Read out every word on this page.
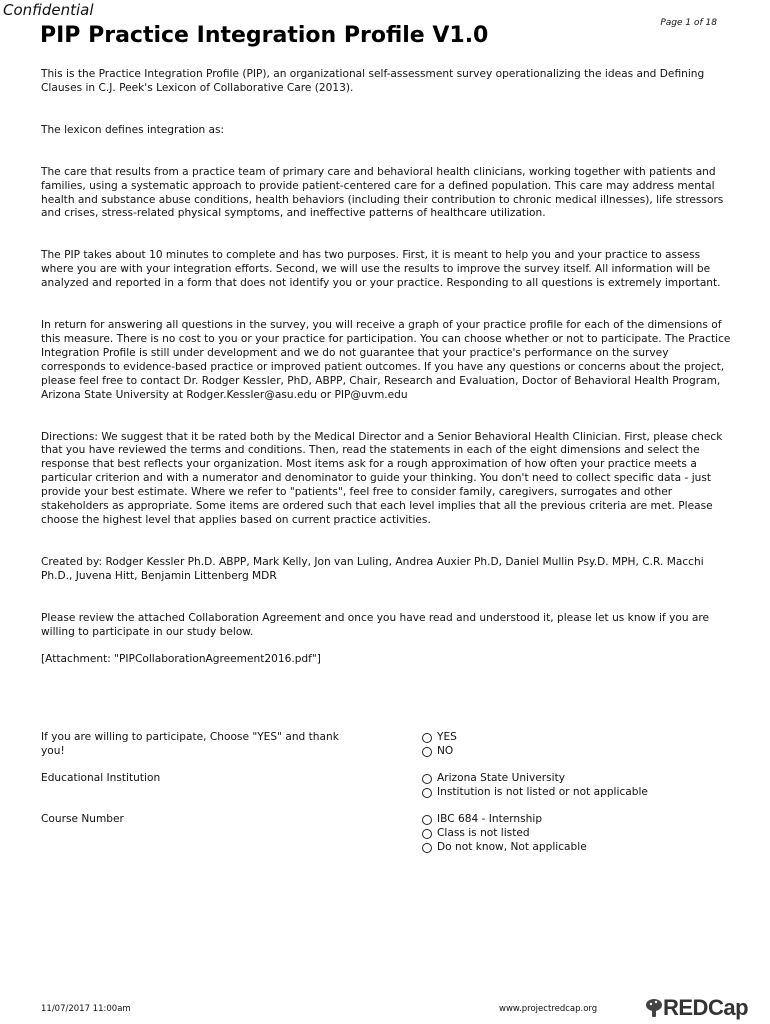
Confidential
Page 1 of 18
PIP Practice Integration Profile V1.0

This is the Practice Integration Profile (PIP), an organizational self-assessment survey operationalizing the ideas and Defining Clauses in C.J. Peek's Lexicon of Collaborative Care (2013).

The lexicon defines integration as:

The care that results from a practice team of primary care and behavioral health clinicians, working together with patients and families, using a systematic approach to provide patient-centered care for a defined population. This care may address mental health and substance abuse conditions, health behaviors (including their contribution to chronic medical illnesses), life stressors and crises, stress-related physical symptoms, and ineffective patterns of healthcare utilization.

The PIP takes about 10 minutes to complete and has two purposes. First, it is meant to help you and your practice to assess where you are with your integration efforts. Second, we will use the results to improve the survey itself. All information will be analyzed and reported in a form that does not identify you or your practice. Responding to all questions is extremely important.

In return for answering all questions in the survey, you will receive a graph of your practice profile for each of the dimensions of this measure. There is no cost to you or your practice for participation. You can choose whether or not to participate. The Practice Integration Profile is still under development and we do not guarantee that your practice's performance on the survey corresponds to evidence-based practice or improved patient outcomes. If you have any questions or concerns about the project, please feel free to contact Dr. Rodger Kessler, PhD, ABPP, Chair, Research and Evaluation, Doctor of Behavioral Health Program, Arizona State University at Rodger.Kessler@asu.edu or PIP@uvm.edu

Directions: We suggest that it be rated both by the Medical Director and a Senior Behavioral Health Clinician. First, please check that you have reviewed the terms and conditions. Then, read the statements in each of the eight dimensions and select the response that best reflects your organization. Most items ask for a rough approximation of how often your practice meets a particular criterion and with a numerator and denominator to guide your thinking. You don't need to collect specific data - just provide your best estimate. Where we refer to "patients", feel free to consider family, caregivers, surrogates and other stakeholders as appropriate. Some items are ordered such that each level implies that all the previous criteria are met. Please choose the highest level that applies based on current practice activities.

Created by: Rodger Kessler Ph.D. ABPP, Mark Kelly, Jon van Luling, Andrea Auxier Ph.D, Daniel Mullin Psy.D. MPH, C.R. Macchi Ph.D., Juvena Hitt, Benjamin Littenberg MDR

Please review the attached Collaboration Agreement and once you have read and understood it, please let us know if you are willing to participate in our study below.

[Attachment: "PIPCollaborationAgreement2016.pdf"]

If you are willing to participate, Choose "YES" and thank you!
YES
NO
Educational Institution	Arizona State University
Institution is not listed or not applicable
Course Number	IBC 684 - Internship
Class is not listed
Do not know, Not applicable
11/07/2017 11:00am	www.projectredcap.org	REDCap
